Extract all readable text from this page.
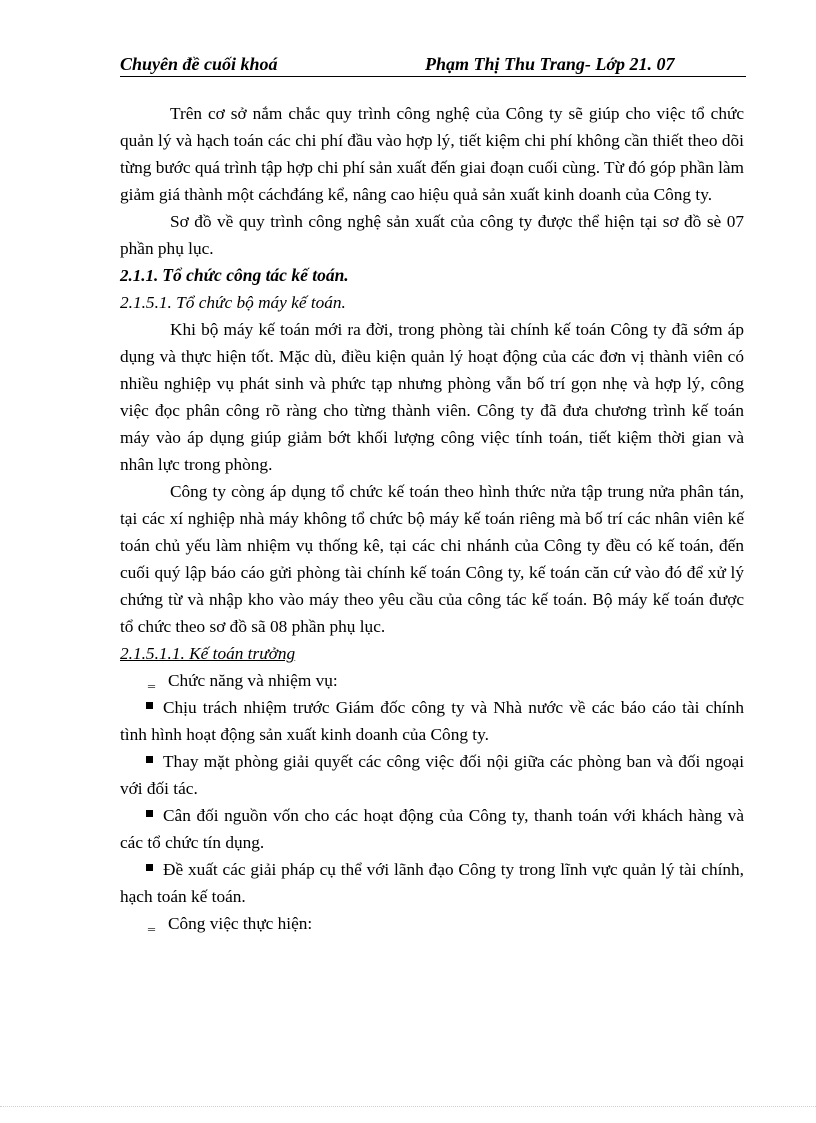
Chuyên đề cuối khoá	Phạm Thị Thu Trang- Lớp 21. 07

Trên cơ sở nắm chắc quy trình công nghệ của Công ty sẽ giúp cho việc tổ chức quản lý và hạch toán các chi phí đầu vào hợp lý, tiết kiệm chi phí không cần thiết theo dõi từng bước quá trình tập hợp chi phí sản xuất đến giai đoạn cuối cùng. Từ đó góp phần làm giảm giá thành một cáchđáng kể, nâng cao hiệu quả sản xuất kinh doanh của Công ty.

Sơ đồ về quy trình công nghệ sản xuất của công ty được thể hiện tại sơ đồ sè 07 phần phụ lục.

2.1.1. Tổ chức công tác kế toán.

2.1.5.1. Tổ chức bộ máy kế toán.

Khi bộ máy kế toán mới ra đời, trong phòng tài chính kế toán Công ty đã sớm áp dụng và thực hiện tốt. Mặc dù, điều kiện quản lý hoạt động của các đơn vị thành viên có nhiều nghiệp vụ phát sinh và phức tạp nhưng phòng vẫn bố trí gọn nhẹ và hợp lý, công việc đọc phân công rõ ràng cho từng thành viên. Công ty đã đưa chương trình kế toán máy vào áp dụng giúp giảm bớt khối lượng công việc tính toán, tiết kiệm thời gian và nhân lực trong phòng.

Công ty còng áp dụng tổ chức kế toán theo hình thức nửa tập trung nửa phân tán, tại các xí nghiệp nhà máy không tổ chức bộ máy kế toán riêng mà bố trí các nhân viên kế toán chủ yếu làm nhiệm vụ thống kê, tại các chi nhánh của Công ty đều có kế toán, đến cuối quý lập báo cáo gửi phòng tài chính kế toán Công ty, kế toán căn cứ vào đó để xử lý chứng từ và nhập kho vào máy theo yêu cầu của công tác kế toán. Bộ máy kế toán được tổ chức theo sơ đồ sã 08 phần phụ lục.

2.1.5.1.1. Kế toán trưởng

‗ Chức năng và nhiệm vụ:

Chịu trách nhiệm trước Giám đốc công ty và Nhà nước về các báo cáo tài chính tình hình hoạt động sản xuất kinh doanh của Công ty.

Thay mặt phòng giải quyết các công việc đối nội giữa các phòng ban và đối ngoại với đối tác.

Cân đối nguồn vốn cho các hoạt động của Công ty, thanh toán với khách hàng và các tổ chức tín dụng.

Đề xuất các giải pháp cụ thể với lãnh đạo Công ty trong lĩnh vực quản lý tài chính, hạch toán kế toán.

‗ Công việc thực hiện:
